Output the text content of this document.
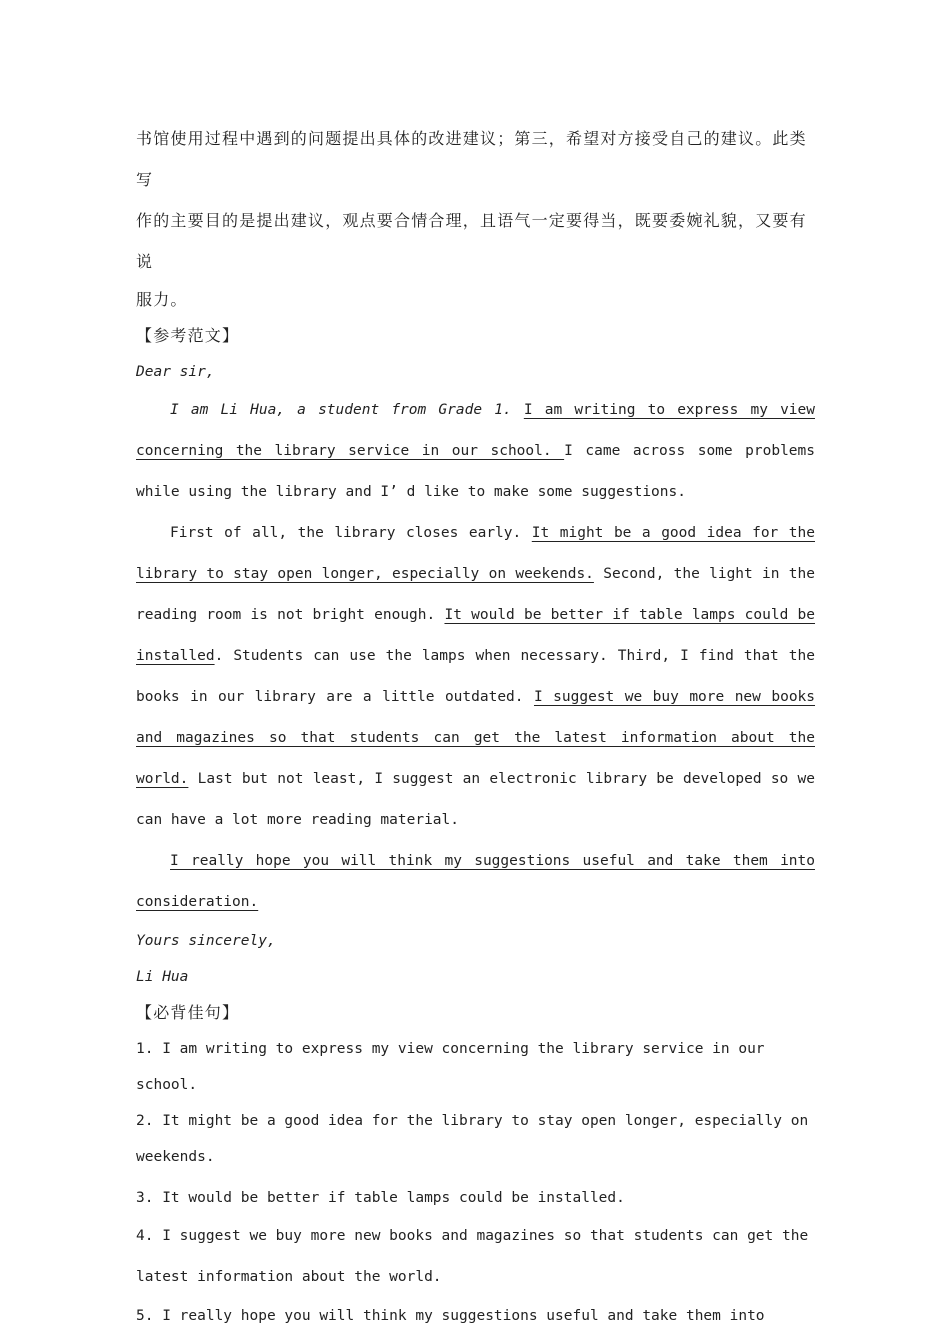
书馆使用过程中遇到的问题提出具体的改进建议；第三，希望对方接受自己的建议。此类写

作的主要目的是提出建议，观点要合情合理，且语气一定要得当，既要委婉礼貌，又要有说

服力。

【参考范文】

Dear sir,

I am Li Hua, a student from Grade 1. I am writing to express my view concerning the library service in our school. I came across some problems while using the library and I’ d like to make some suggestions.

First of all, the library closes early. It might be a good idea for the library to stay open longer, especially on weekends. Second, the light in the reading room is not bright enough. It would be better if table lamps could be installed. Students can use the lamps when necessary. Third, I find that the books in our library are a little outdated. I suggest we buy more new books and magazines so that students can get the latest information about the world. Last but not least, I suggest an electronic library be developed so we can have a lot more reading material.

I really hope you will think my suggestions useful and take them into consideration.

Yours sincerely,

Li Hua

【必背佳句】

1. I am writing to express my view concerning the library service in our school.

2. It might be a good idea for the library to stay open longer, especially on weekends.

3. It would be better if table lamps could be installed.

4. I suggest we buy more new books and magazines so that students can get the latest information about the world.

5. I really hope you will think my suggestions useful and take them into
